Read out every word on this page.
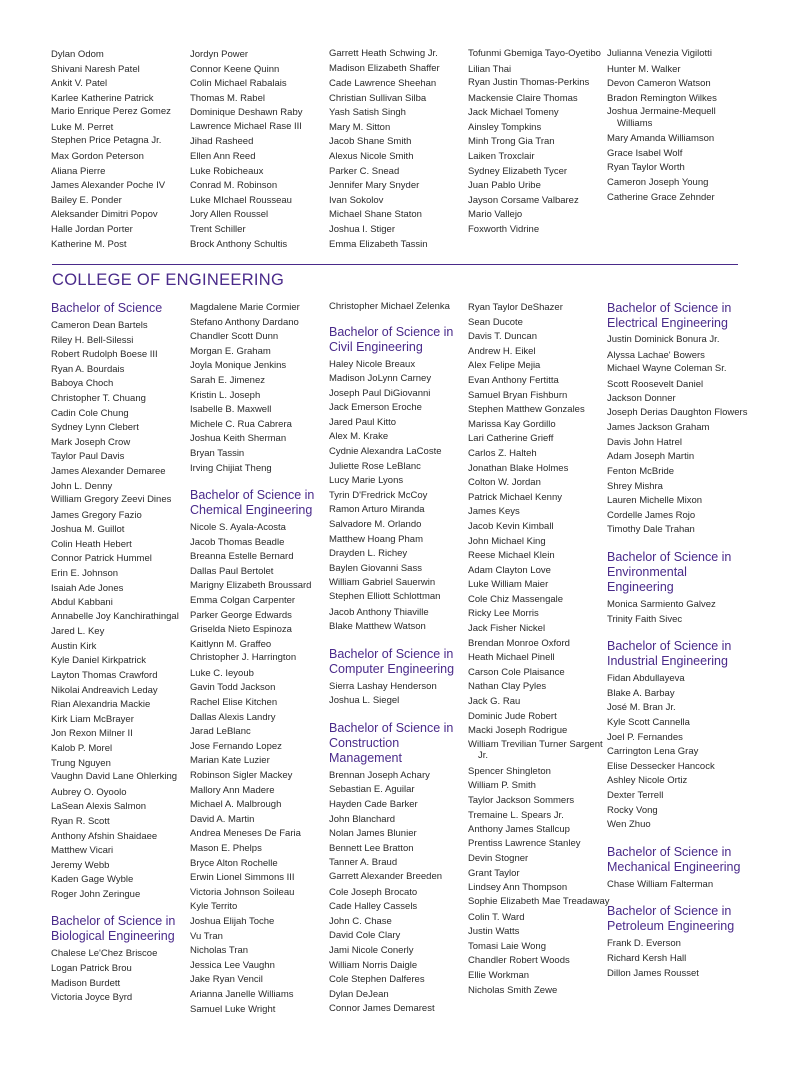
Dylan Odom
Shivani Naresh Patel
Ankit V. Patel
Karlee Katherine Patrick
Mario Enrique Perez Gomez
Luke M. Perret
Stephen Price Petagna Jr.
Max Gordon Peterson
Aliana Pierre
James Alexander Poche IV
Bailey E. Ponder
Aleksander Dimitri Popov
Halle Jordan Porter
Katherine M. Post
Jordyn Power
Connor Keene Quinn
Colin Michael Rabalais
Thomas M. Rabel
Dominique Deshawn Raby
Lawrence Michael Rase III
Jihad Rasheed
Ellen Ann Reed
Luke Robicheaux
Conrad M. Robinson
Luke MIchael Rousseau
Jory Allen Roussel
Trent Schiller
Brock Anthony Schultis
Garrett Heath Schwing Jr.
Madison Elizabeth Shaffer
Cade Lawrence Sheehan
Christian Sullivan Silba
Yash Satish Singh
Mary M. Sitton
Jacob Shane Smith
Alexus Nicole Smith
Parker C. Snead
Jennifer Mary Snyder
Ivan Sokolov
Michael Shane Staton
Joshua I. Stiger
Emma Elizabeth Tassin
Tofunmi Gbemiga Tayo-Oyetibo
Lilian Thai
Ryan Justin Thomas-Perkins
Mackensie Claire Thomas
Jack Michael Tomeny
Ainsley Tompkins
Minh Trong Gia Tran
Laiken Troxclair
Sydney Elizabeth Tycer
Juan Pablo Uribe
Jayson Corsame Valbarez
Mario Vallejo
Foxworth Vidrine
Julianna Venezia Vigilotti
Hunter M. Walker
Devon Cameron Watson
Bradon Remington Wilkes
Joshua Jermaine-Mequell Williams
Mary Amanda Williamson
Grace Isabel Wolf
Ryan Taylor Worth
Cameron Joseph Young
Catherine Grace Zehnder
COLLEGE OF ENGINEERING
Bachelor of Science
Cameron Dean Bartels
Riley H. Bell-Silessi
Robert Rudolph Boese III
Ryan A. Bourdais
Baboya Choch
Christopher T. Chuang
Cadin Cole Chung
Sydney Lynn Clebert
Mark Joseph Crow
Taylor Paul Davis
James Alexander Demaree
John L. Denny
William Gregory Zeevi Dines
James Gregory Fazio
Joshua M. Guillot
Colin Heath Hebert
Connor Patrick Hummel
Erin E. Johnson
Isaiah Ade Jones
Abdul Kabbani
Annabelle Joy Kanchirathingal
Jared L. Key
Austin Kirk
Kyle Daniel Kirkpatrick
Layton Thomas Crawford
Nikolai Andreavich Leday
Rian Alexandria Mackie
Kirk Liam McBrayer
Jon Rexon Milner II
Kalob P. Morel
Trung Nguyen
Vaughn David Lane Ohlerking
Aubrey O. Oyoolo
LaSean Alexis Salmon
Ryan R. Scott
Anthony Afshin Shaidaee
Matthew Vicari
Jeremy Webb
Kaden Gage Wyble
Roger John Zeringue
Bachelor of Science in Biological Engineering
Chalese Le'Chez Briscoe
Logan Patrick Brou
Madison Burdett
Victoria Joyce Byrd
Magdalene Marie Cormier
Stefano Anthony Dardano
Chandler Scott Dunn
Morgan E. Graham
Joyla Monique Jenkins
Sarah E. Jimenez
Kristin L. Joseph
Isabelle B. Maxwell
Michele C. Rua Cabrera
Joshua Keith Sherman
Bryan Tassin
Irving Chijiat Theng
Bachelor of Science in Chemical Engineering
Nicole S. Ayala-Acosta
Jacob Thomas Beadle
Breanna Estelle Bernard
Dallas Paul Bertolet
Marigny Elizabeth Broussard
Emma Colgan Carpenter
Parker George Edwards
Griselda Nieto Espinoza
Kaitlynn M. Graffeo
Christopher J. Harrington
Luke C. Ieyoub
Gavin Todd Jackson
Rachel Elise Kitchen
Dallas Alexis Landry
Jarad LeBlanc
Jose Fernando Lopez
Marian Kate Luzier
Robinson Sigler Mackey
Mallory Ann Madere
Michael A. Malbrough
David A. Martin
Andrea Meneses De Faria
Mason E. Phelps
Bryce Alton Rochelle
Erwin Lionel Simmons III
Victoria Johnson Soileau
Kyle Territo
Joshua Elijah Toche
Vu Tran
Nicholas Tran
Jessica Lee Vaughn
Jake Ryan Vencil
Arianna Janelle Williams
Samuel Luke Wright
Christopher Michael Zelenka
Bachelor of Science in Civil Engineering
Haley Nicole Breaux
Madison JoLynn Carney
Joseph Paul DiGiovanni
Jack Emerson Eroche
Jared Paul Kitto
Alex M. Krake
Cydnie Alexandra LaCoste
Juliette Rose LeBlanc
Lucy Marie Lyons
Tyrin D'Fredrick McCoy
Ramon Arturo Miranda
Salvadore M. Orlando
Matthew Hoang Pham
Drayden L. Richey
Baylen Giovanni Sass
William Gabriel Sauerwin
Stephen Elliott Schlottman
Jacob Anthony Thiaville
Blake Matthew Watson
Bachelor of Science in Computer Engineering
Sierra Lashay Henderson
Joshua L. Siegel
Bachelor of Science in Construction Management
Brennan Joseph Achary
Sebastian E. Aguilar
Hayden Cade Barker
John Blanchard
Nolan James Blunier
Bennett Lee Bratton
Tanner A. Braud
Garrett Alexander Breeden
Cole Joseph Brocato
Cade Halley Cassels
John C. Chase
David Cole Clary
Jami Nicole Conerly
William Norris Daigle
Cole Stephen Dalferes
Dylan DeJean
Connor James Demarest
Ryan Taylor DeShazer
Sean Ducote
Davis T. Duncan
Andrew H. Eikel
Alex Felipe Mejia
Evan Anthony Fertitta
Samuel Bryan Fishburn
Stephen Matthew Gonzales
Marissa Kay Gordillo
Lari Catherine Grieff
Carlos Z. Halteh
Jonathan Blake Holmes
Colton W. Jordan
Patrick Michael Kenny
James Keys
Jacob Kevin Kimball
John Michael King
Reese Michael Klein
Adam Clayton Love
Luke William Maier
Cole Chiz Massengale
Ricky Lee Morris
Jack Fisher Nickel
Brendan Monroe Oxford
Heath Michael Pinell
Carson Cole Plaisance
Nathan Clay Pyles
Jack G. Rau
Dominic Jude Robert
Macki Joseph Rodrigue
William Trevilian Turner Sargent Jr.
Spencer Shingleton
William P. Smith
Taylor Jackson Sommers
Tremaine L. Spears Jr.
Anthony James Stallcup
Prentiss Lawrence Stanley
Devin Stogner
Grant Taylor
Lindsey Ann Thompson
Sophie Elizabeth Mae Treadaway
Colin T. Ward
Justin Watts
Tomasi Laie Wong
Chandler Robert Woods
Ellie Workman
Nicholas Smith Zewe
Bachelor of Science in Electrical Engineering
Justin Dominick Bonura Jr.
Alyssa Lachae' Bowers
Michael Wayne Coleman Sr.
Scott Roosevelt Daniel
Jackson Donner
Joseph Derias Daughton Flowers
James Jackson Graham
Davis John Hatrel
Adam Joseph Martin
Fenton McBride
Shrey Mishra
Lauren Michelle Mixon
Cordelle James Rojo
Timothy Dale Trahan
Bachelor of Science in Environmental Engineering
Monica Sarmiento Galvez
Trinity Faith Sivec
Bachelor of Science in Industrial Engineering
Fidan Abdullayeva
Blake A. Barbay
José M. Bran Jr.
Kyle Scott Cannella
Joel P. Fernandes
Carrington Lena Gray
Elise Dessecker Hancock
Ashley Nicole Ortiz
Dexter Terrell
Rocky Vong
Wen Zhuo
Bachelor of Science in Mechanical Engineering
Chase William Falterman
Bachelor of Science in Petroleum Engineering
Frank D. Everson
Richard Kersh Hall
Dillon James Rousset
